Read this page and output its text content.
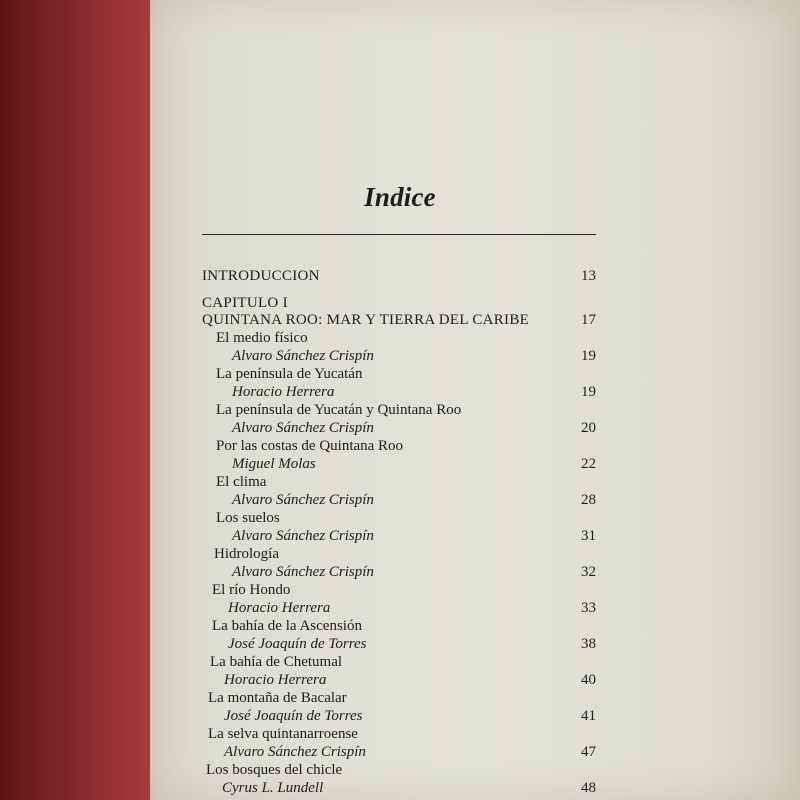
Indice
INTRODUCCION	13
CAPITULO I
QUINTANA ROO: MAR Y TIERRA DEL CARIBE	17
El medio físico
Alvaro Sánchez Crispín	19
La península de Yucatán
Horacio Herrera	19
La península de Yucatán y Quintana Roo
Alvaro Sánchez Crispín	20
Por las costas de Quintana Roo
Miguel Molas	22
El clima
Alvaro Sánchez Crispín	28
Los suelos
Alvaro Sánchez Crispín	31
Hidrología
Alvaro Sánchez Crispín	32
El río Hondo
Horacio Herrera	33
La bahía de la Ascensión
José Joaquín de Torres	38
La bahía de Chetumal
Horacio Herrera	40
La montaña de Bacalar
José Joaquín de Torres	41
La selva quintanarroense
Alvaro Sánchez Crispín	47
Los bosques del chicle
Cyrus L. Lundell	48
